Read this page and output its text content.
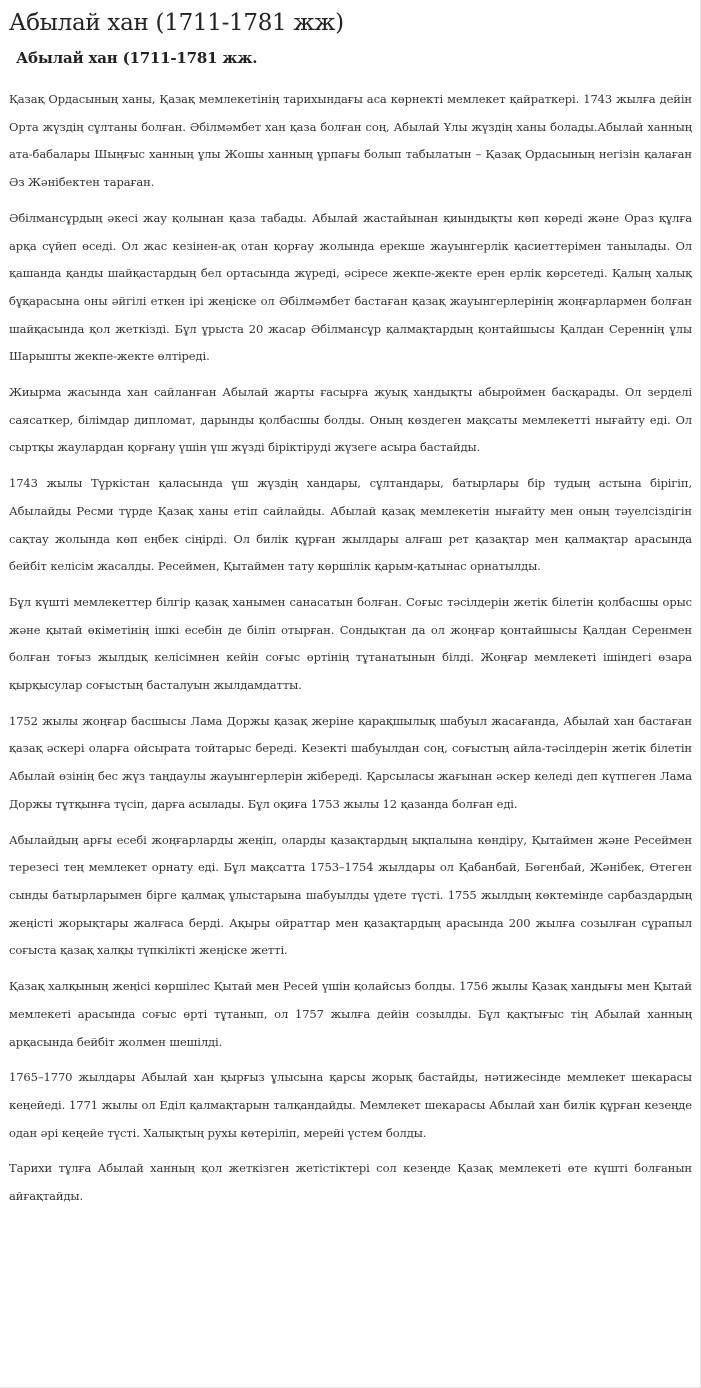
Абылай хан (1711-1781 жж)
Абылай хан (1711-1781 жж.

Қазақ Ордасының ханы, Қазақ мемлекетінің тарихындағы аса көрнекті мемлекет қайраткері. 1743 жылға дейін Орта жүздің сұлтаны болған. Әбілмәмбет хан қаза болған соң, Абылай Ұлы жүздің ханы болады.Абылай ханның ата-бабалары Шыңғыс ханның ұлы Жошы ханның ұрпағы болып табылатын – Қазақ Ордасының негізін қалаған Әз Жәнібектен тараған.

Әбілмансұрдың әкесі жау қолынан қаза табады. Абылай жастайынан қиындықты көп көреді және Ораз құлға арқа сүйеп өседі. Ол жас кезінен-ақ отан қорғау жолында ерекше жауынгерлік қасиеттерімен танылады. Ол қашанда қанды шайқастардың бел ортасында жүреді, әсіресе жекпе-жекте ерен ерлік көрсетеді. Қалың халық бұқарасына оны әйгілі еткен ірі жеңіске ол Әбілмәмбет бастаған қазақ жауынгерлерінің жоңғарлармен болған шайқасында қол жеткізді. Бұл ұрыста 20 жасар Әбілмансұр қалмақтардың қонтайшысы Қалдан Сереннің ұлы Шарышты жекпе-жекте өлтіреді.

Жиырма жасында хан сайланған Абылай жарты ғасырға жуық хандықты абыроймен басқарады. Ол зерделі саясаткер, білімдар дипломат, дарынды қолбасшы болды. Оның көздеген мақсаты мемлекетті нығайту еді. Ол сыртқы жаулардан қорғану үшін үш жүзді біріктіруді жүзеге асыра бастайды.

1743 жылы Түркістан қаласында үш жүздің хандары, сұлтандары, батырлары бір тудың астына бірігіп, Абылайды Ресми түрде Қазақ ханы етіп сайлайды. Абылай қазақ мемлекетін нығайту мен оның тәуелсіздігін сақтау жолында көп еңбек сіңірді. Ол билік құрған жылдары алғаш рет қазақтар мен қалмақтар арасында бейбіт келісім жасалды. Ресеймен, Қытаймен тату көршілік қарым-қатынас орнатылды.

Бұл күшті мемлекеттер білгір қазақ ханымен санасатын болған. Соғыс тәсілдерін жетік білетін қолбасшы орыс және қытай өкіметінің ішкі есебін де біліп отырған. Сондықтан да ол жоңғар қонтайшысы Қалдан Серенмен болған тоғыз жылдық келісімнен кейін соғыс өртінің тұтанатынын білді. Жоңғар мемлекеті ішіндегі өзара қырқысулар соғыстың басталуын жылдамдатты.

1752 жылы жоңғар басшысы Лама Доржы қазақ жеріне қарақшылық шабуыл жасағанда, Абылай хан бастаған қазақ әскері оларға ойсырата тойтарыс береді. Кезекті шабуылдан соң, соғыстың айла-тәсілдерін жетік білетін Абылай өзінің бес жүз таңдаулы жауынгерлерін жібереді. Қарсыласы жағынан әскер келеді деп күтпеген Лама Доржы тұтқынға түсіп, дарға асылады. Бұл оқиға 1753 жылы 12 қазанда болған еді.

Абылайдың арғы есебі жоңғарларды жеңіп, оларды қазақтардың ықпалына көндіру, Қытаймен және Ресеймен терезесі тең мемлекет орнату еді. Бұл мақсатта 1753–1754 жылдары ол Қабанбай, Бөгенбай, Жәнібек, Өтеген сынды батырларымен бірге қалмақ ұлыстарына шабуылды үдете түсті. 1755 жылдың көктемінде сарбаздардың жеңісті жорықтары жалғаса берді. Ақыры ойраттар мен қазақтардың арасында 200 жылға созылған сұрапыл соғыста қазақ халқы түпкілікті жеңіске жетті.

Қазақ халқының жеңісі көршілес Қытай мен Ресей үшін қолайсыз болды. 1756 жылы Қазақ хандығы мен Қытай мемлекеті арасында соғыс өрті тұтанып, ол 1757 жылға дейін созылды. Бұл қақтығыс тің Абылай ханның арқасында бейбіт жолмен шешілді.

1765–1770 жылдары Абылай хан қырғыз ұлысына қарсы жорық бастайды, нәтижесінде мемлекет шекарасы кеңейеді. 1771 жылы ол Еділ қалмақтарын талқандайды. Мемлекет шекарасы Абылай хан билік құрған кезеңде одан әрі кеңейе түсті. Халықтың рухы көтеріліп, мерейі үстем болды.

Тарихи тұлға Абылай ханның қол жеткізген жетістіктері сол кезеңде Қазақ мемлекеті өте күшті болғанын айғақтайды.
